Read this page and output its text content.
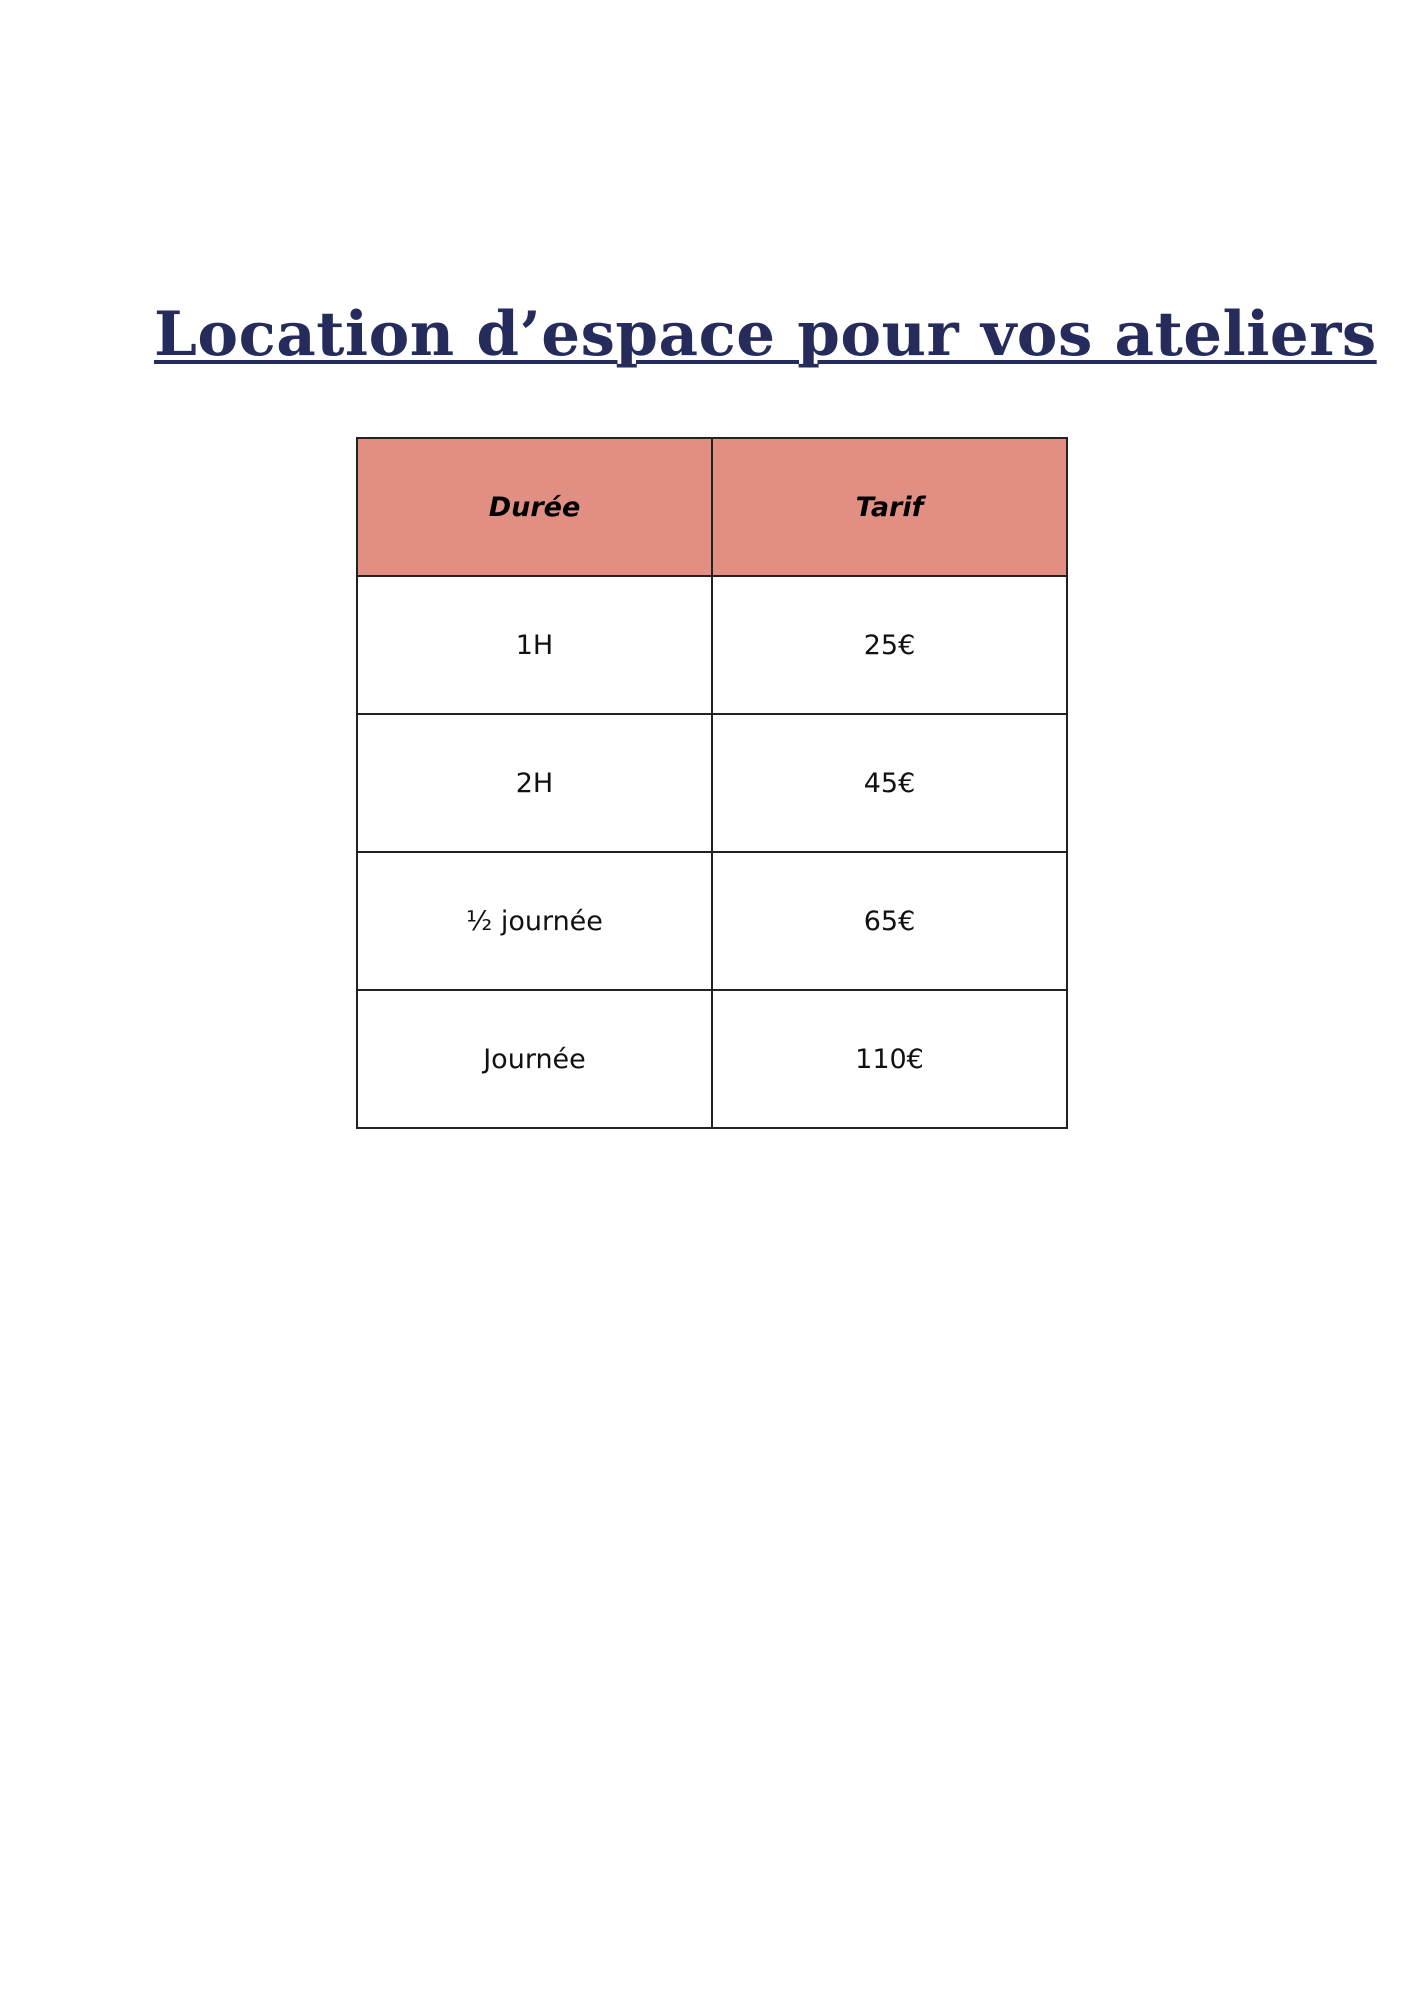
Location d’espace pour vos ateliers
Durée	Tarif
1H	25€
2H	45€
½ journée	65€
Journée	110€
